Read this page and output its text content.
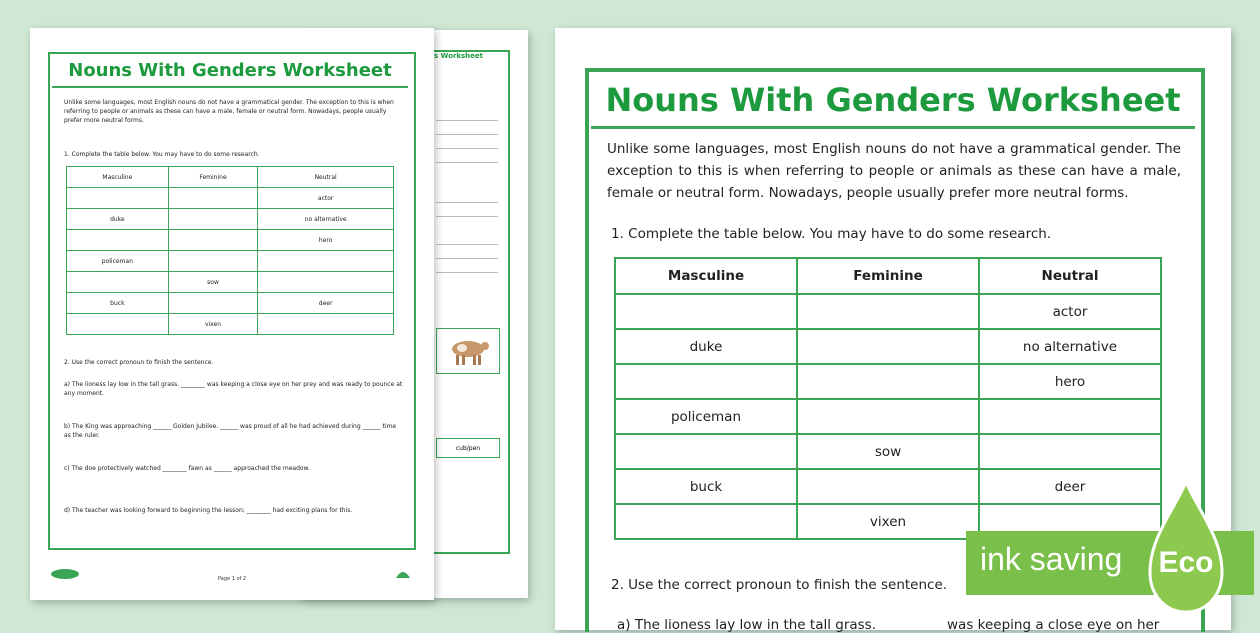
s Worksheet
cub/pen
Nouns With Genders Worksheet
Unlike some languages, most English nouns do not have a grammatical gender. The exception to this is when referring to people or animals as these can have a male, female or neutral form. Nowadays, people usually prefer more neutral forms.
1. Complete the table below. You may have to do some research.
Masculine	Feminine	Neutral
		actor
duke		no alternative
		hero
policeman		
	sow	
buck		deer
	vixen	
2. Use the correct pronoun to finish the sentence.
a) The lioness lay low in the tall grass. ________ was keeping a close eye on her prey and was ready to pounce at any moment.
b) The King was approaching ______ Golden Jubilee. ______ was proud of all he had achieved during ______ time as the ruler.
c) The doe protectively watched ________ fawn as ______ approached the meadow.
d) The teacher was looking forward to beginning the lesson; ________ had exciting plans for this.
Page 1 of 2
Nouns With Genders Worksheet
Unlike some languages, most English nouns do not have a grammatical gender. The exception to this is when referring to people or animals as these can have a male, female or neutral form. Nowadays, people usually prefer more neutral forms.
1. Complete the table below. You may have to do some research.
Masculine	Feminine	Neutral
		actor
duke		no alternative
		hero
policeman		
	sow	
buck		deer
	vixen	
2. Use the correct pronoun to finish the sentence.
a) The lioness lay low in the tall grass.	was keeping a close eye on her
ink saving Eco
